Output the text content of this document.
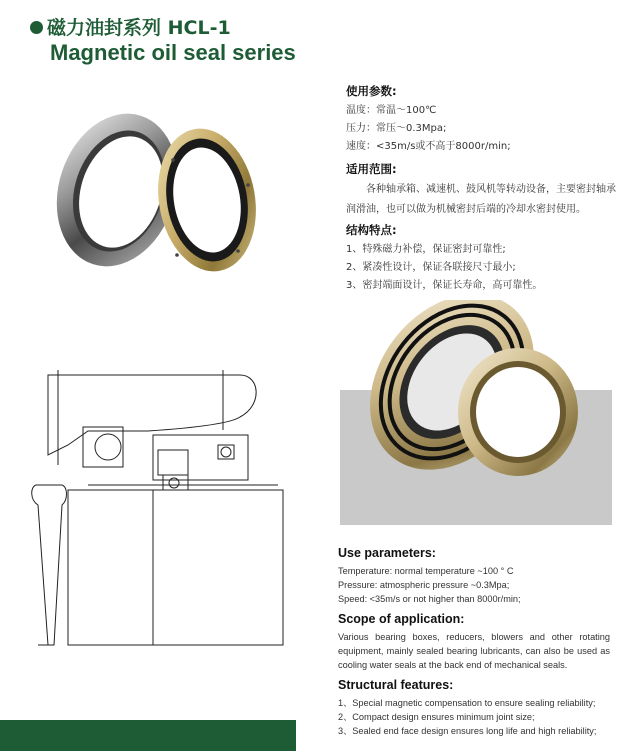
磁力油封系列 HCL-1
Magnetic oil seal series
使用参数:

温度：常温～100℃

压力：常压～0.3Mpa;

速度：<35m/s或不高于8000r/min;

适用范围:

各种轴承箱、减速机、鼓风机等转动设备，主要密封轴承润滑油，也可以做为机械密封后端的冷却水密封使用。

结构特点:

1、特殊磁力补偿，保证密封可靠性;

2、紧凑性设计，保证各联接尺寸最小;

3、密封端面设计，保证长寿命，高可靠性。

Use parameters:

Temperature: normal temperature ~100 ° C

Pressure: atmospheric pressure ~0.3Mpa;

Speed: <35m/s or not higher than 8000r/min;

Scope of application:

Various bearing boxes, reducers, blowers and other rotating equipment, mainly sealed bearing lubricants, can also be used as cooling water seals at the back end of mechanical seals.

Structural features:

1、Special magnetic compensation to ensure sealing reliability;

2、Compact design ensures minimum joint size;

3、Sealed end face design ensures long life and high reliability;
